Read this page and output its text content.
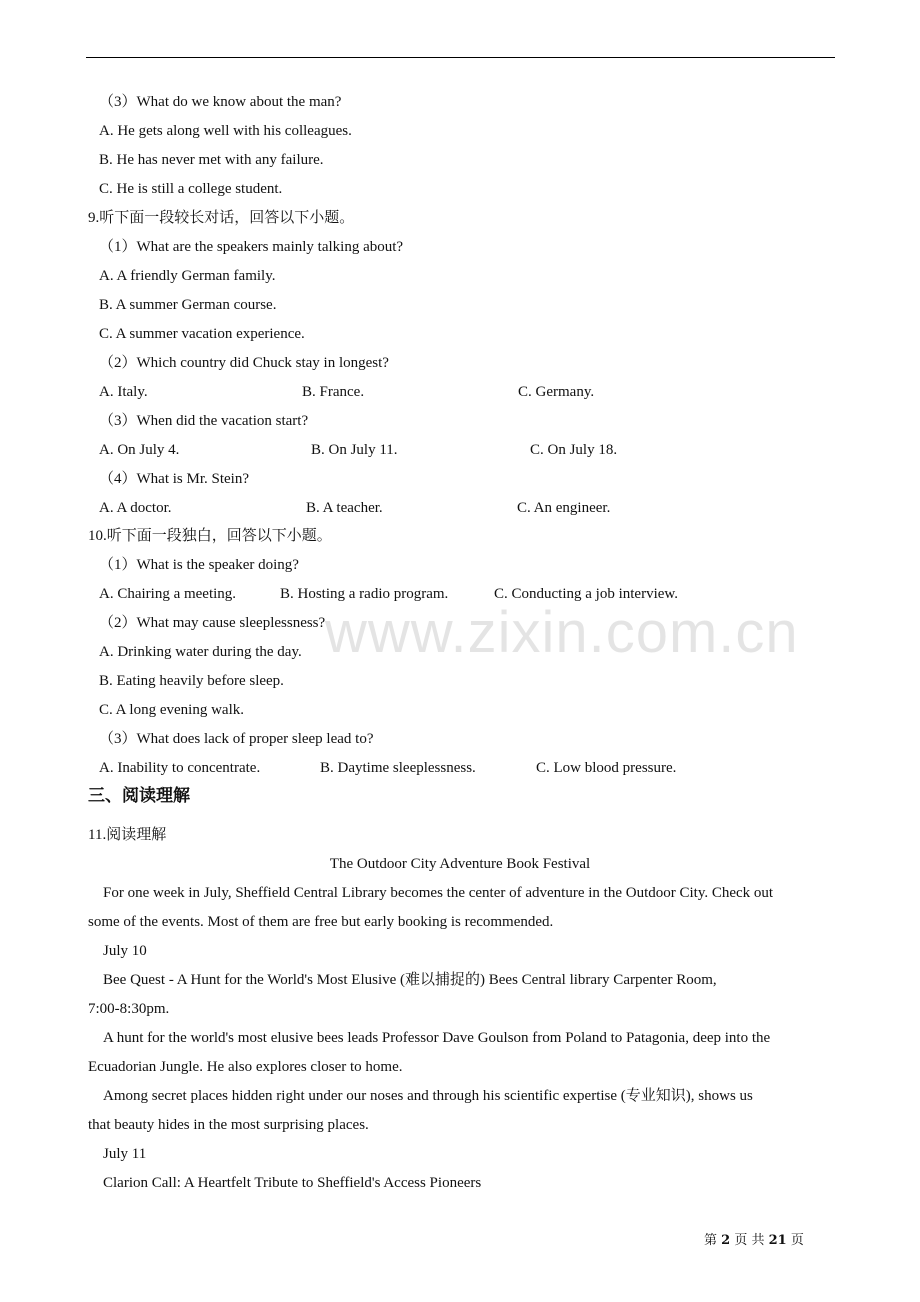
（3）What do we know about the man?
A. He gets along well with his colleagues.
B. He has never met with any failure.
C. He is still a college student.
9.听下面一段较长对话，回答以下小题。
（1）What are the speakers mainly talking about?
A. A friendly German family.
B. A summer German course.
C. A summer vacation experience.
（2）Which country did Chuck stay in longest?
A. Italy.	B. France.	C. Germany.
（3）When did the vacation start?
A. On July 4.	B. On July 11.	C. On July 18.
（4）What is Mr. Stein?
A. A doctor.	B. A teacher.	C. An engineer.
10.听下面一段独白，回答以下小题。
（1）What is the speaker doing?
A. Chairing a meeting.	B. Hosting a radio program.	C. Conducting a job interview.
（2）What may cause sleeplessness?
A. Drinking water during the day.
B. Eating heavily before sleep.
C. A long evening walk.
（3）What does lack of proper sleep lead to?
A. Inability to concentrate.	B. Daytime sleeplessness.	C. Low blood pressure.
三、阅读理解
11.阅读理解
The Outdoor City Adventure Book Festival
For one week in July, Sheffield Central Library becomes the center of adventure in the Outdoor City. Check out
some of the events. Most of them are free but early booking is recommended.
July 10
Bee Quest - A Hunt for the World's Most Elusive (难以捕捉的) Bees Central library Carpenter Room,
7:00-8:30pm.
A hunt for the world's most elusive bees leads Professor Dave Goulson from Poland to Patagonia, deep into the
Ecuadorian Jungle. He also explores closer to home.
Among secret places hidden right under our noses and through his scientific expertise (专业知识), shows us
that beauty hides in the most surprising places.
July 11
Clarion Call: A Heartfelt Tribute to Sheffield's Access Pioneers
www.zixin.com.cn
第 2 页 共 21 页
